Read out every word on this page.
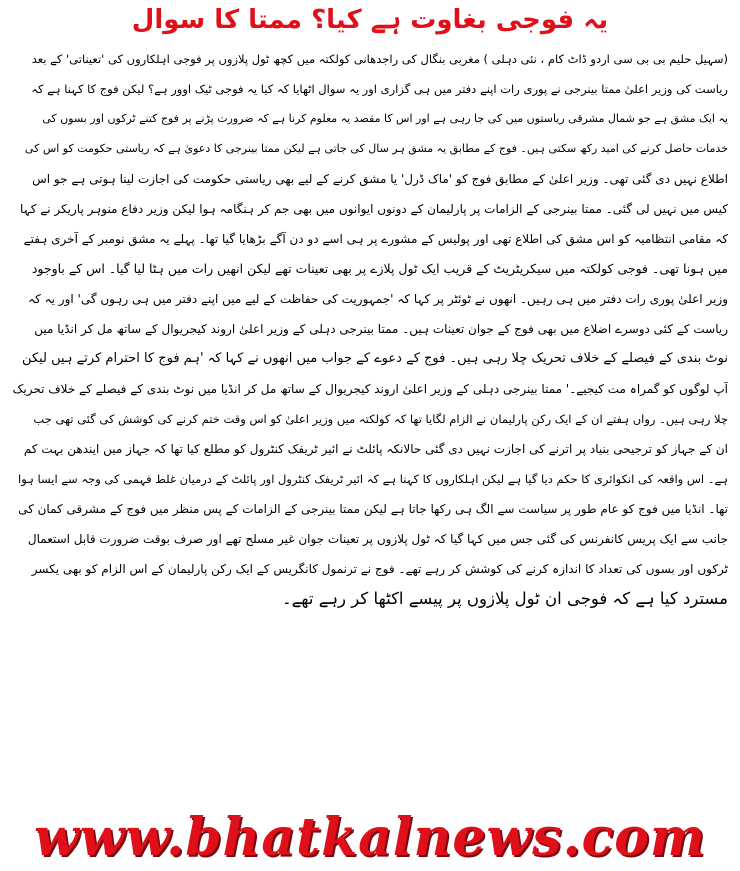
یہ فوجی بغاوت ہے کیا؟ ممتا کا سوال
(سہیل حلیم بی بی سی اردو ڈاٹ کام ، نئی دہلی ) مغربی بنگال کی راجدھانی کولکتہ میں کچھ ٹول پلازوں پر فوجی اہلکاروں کی 'تعیناتی' کے بعد
ریاست کی وزیر اعلیٰ ممتا بینرجی نے پوری رات اپنے دفتر میں ہی گزاری اور یہ سوال اٹھایا کہ کیا یہ فوجی ٹیک اوور ہے؟ لیکن فوج کا کہنا ہے کہ
یہ ایک مشق ہے جو شمال مشرقی ریاستوں میں کی جا رہی ہے اور اس کا مقصد یہ معلوم کرنا ہے کہ ضرورت پڑنے پر فوج کتنے ٹرکوں اور بسوں کی
خدمات حاصل کرنے کی امید رکھ سکتی ہیں۔ فوج کے مطابق یہ مشق ہر سال کی جاتی ہے لیکن ممتا بینرجی کا دعویٰ ہے کہ ریاستی حکومت کو اس کی
اطلاع نہیں دی گئی تھی۔ وزیر اعلیٰ کے مطابق فوج کو 'ماک ڈرل' یا مشق کرنے کے لیے بھی ریاستی حکومت کی اجازت لینا ہوتی ہے جو اس
کیس میں نہیں لی گئی۔ ممتا بینرجی کے الزامات پر پارلیمان کے دونوں ایوانوں میں بھی جم کر ہنگامہ ہوا لیکن وزیر دفاع منوہر پاریکر نے کہا
کہ مقامی انتظامیہ کو اس مشق کی اطلاع تھی اور پولیس کے مشورے پر ہی اسے دو دن آگے بڑھایا گیا تھا۔ پہلے یہ مشق نومبر کے آخری ہفتے
میں ہونا تھی۔ فوجی کولکتہ میں سیکریٹریٹ کے قریب ایک ٹول پلازے پر بھی تعینات تھے لیکن انھیں رات میں ہٹا لیا گیا۔ اس کے باوجود
وزیر اعلیٰ پوری رات دفتر میں ہی رہیں۔ انھوں نے ٹوئٹر پر کہا کہ 'جمہوریت کی حفاظت کے لیے میں اپنے دفتر میں ہی رہوں گی' اور یہ کہ
ریاست کے کئی دوسرے اضلاع میں بھی فوج کے جوان تعینات ہیں۔ ممتا بینرجی دہلی کے وزیر اعلیٰ اروند کیجریوال کے ساتھ مل کر انڈیا میں
نوٹ بندی کے فیصلے کے خلاف تحریک چلا رہی ہیں۔ فوج کے دعوے کے جواب میں انھوں نے کہا کہ 'ہم فوج کا احترام کرتے ہیں لیکن
آپ لوگوں کو گمراہ مت کیجیے۔' ممتا بینرجی دہلی کے وزیر اعلیٰ اروند کیجریوال کے ساتھ مل کر انڈیا میں نوٹ بندی کے فیصلے کے خلاف تحریک
چلا رہی ہیں۔ رواں ہفتے ان کے ایک رکن پارلیمان نے الزام لگایا تھا کہ کولکتہ میں وزیر اعلیٰ کو اس وقت ختم کرنے کی کوشش کی گئی تھی جب
ان کے جہاز کو ترجیحی بنیاد پر اترنے کی اجازت نہیں دی گئی حالانکہ پائلٹ نے ائیر ٹریفک کنٹرول کو مطلع کیا تھا کہ جہاز میں ایندھن بہت کم
ہے۔ اس واقعہ کی انکوائری کا حکم دیا گیا ہے لیکن اہلکاروں کا کہنا ہے کہ ائیر ٹریفک کنٹرول اور پائلٹ کے درمیان غلط فہمی کی وجہ سے ایسا ہوا
تھا۔ انڈیا میں فوج کو عام طور پر سیاست سے الگ ہی رکھا جاتا ہے لیکن ممتا بینرجی کے الزامات کے پس منظر میں فوج کے مشرقی کمان کی
جانب سے ایک پریس کانفرنس کی گئی جس میں کہا گیا کہ ٹول پلازوں پر تعینات جوان غیر مسلح تھے اور صرف بوقت ضرورت قابل استعمال
ٹرکوں اور بسوں کی تعداد کا اندازہ کرنے کی کوشش کر رہے تھے۔ فوج نے ترنمول کانگریس کے ایک رکن پارلیمان کے اس الزام کو بھی یکسر
مسترد کیا ہے کہ فوجی ان ٹول پلازوں پر پیسے اکٹھا کر رہے تھے۔
www.bhatkalnews.com
